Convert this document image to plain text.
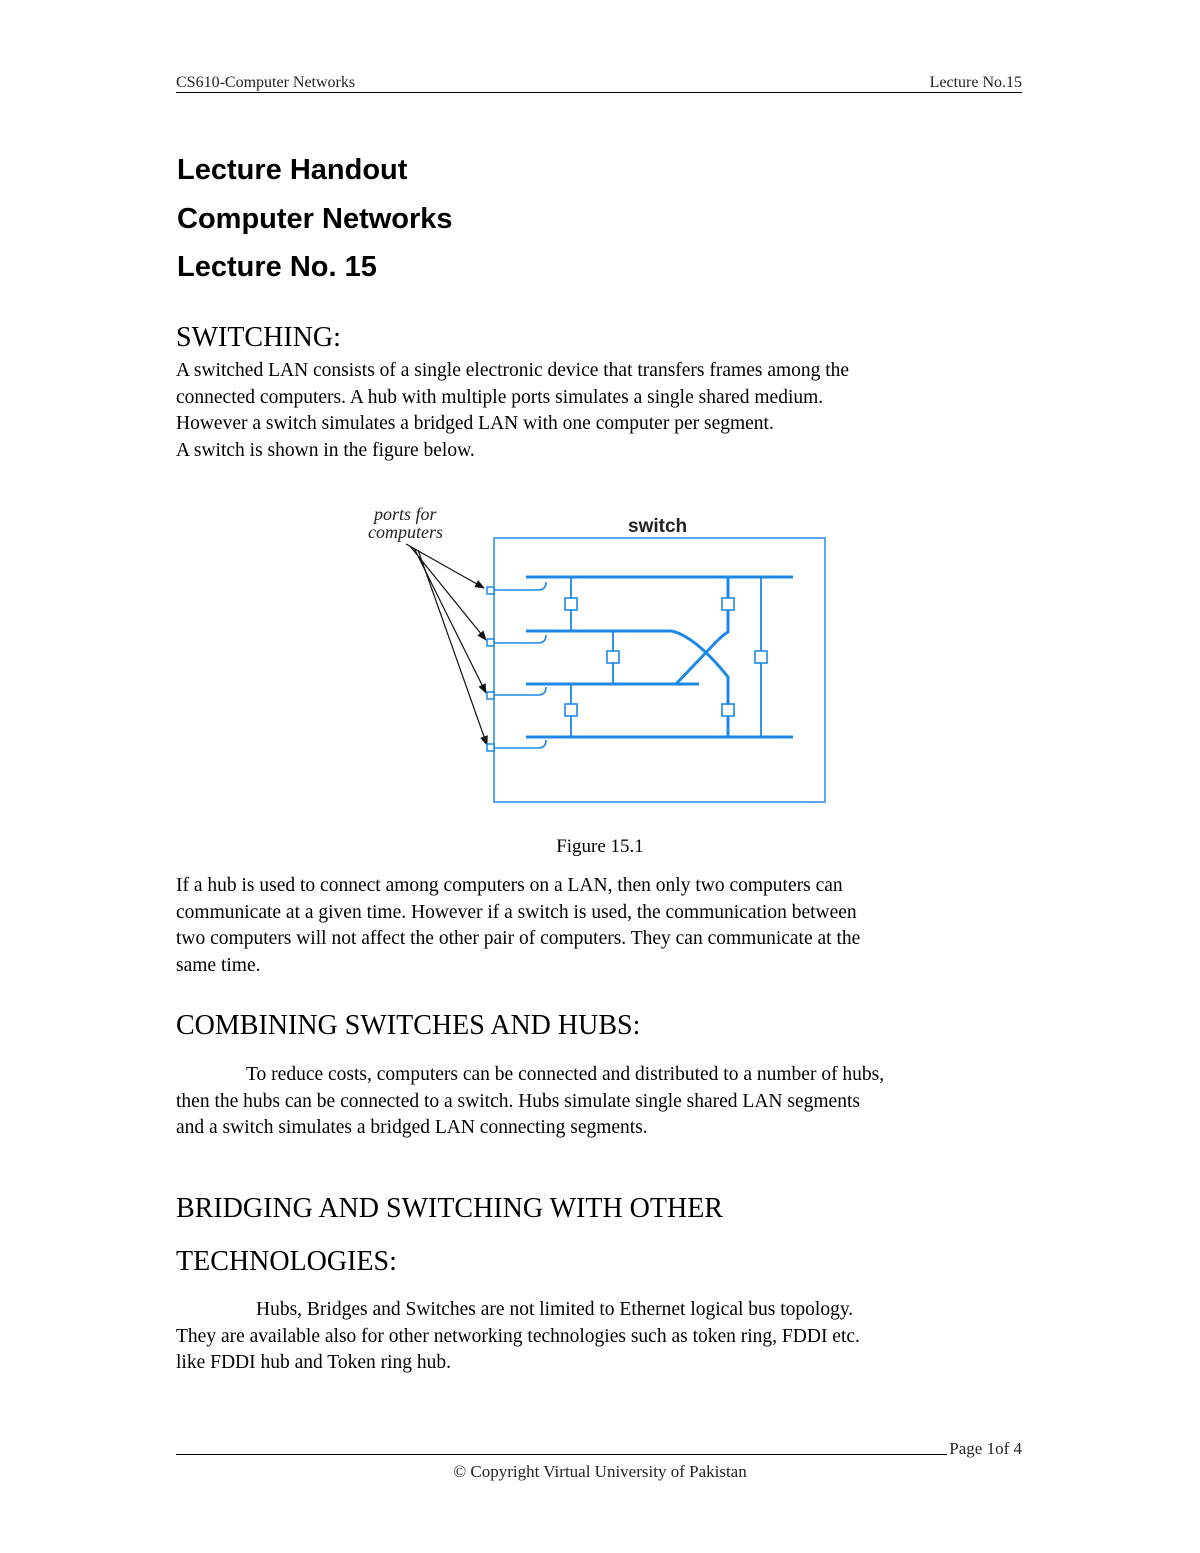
CS610-Computer Networks	Lecture No.15
Lecture Handout
Computer Networks
Lecture No. 15
SWITCHING:

A switched LAN consists of a single electronic device that transfers frames among the
connected computers. A hub with multiple ports simulates a single shared medium.
However a switch simulates a bridged LAN with one computer per segment.
A switch is shown in the figure below.

ports for
computers	switch
Figure 15.1

If a hub is used to connect among computers on a LAN, then only two computers can
communicate at a given time. However if a switch is used, the communication between
two computers will not affect the other pair of computers. They can communicate at the
same time.

COMBINING SWITCHES AND HUBS:

To reduce costs, computers can be connected and distributed to a number of hubs,
then the hubs can be connected to a switch. Hubs simulate single shared LAN segments
and a switch simulates a bridged LAN connecting segments.

BRIDGING AND SWITCHING WITH OTHER
TECHNOLOGIES:

Hubs, Bridges and Switches are not limited to Ethernet logical bus topology.
They are available also for other networking technologies such as token ring, FDDI etc.
like FDDI hub and Token ring hub.

Page 1of 4
© Copyright Virtual University of Pakistan
